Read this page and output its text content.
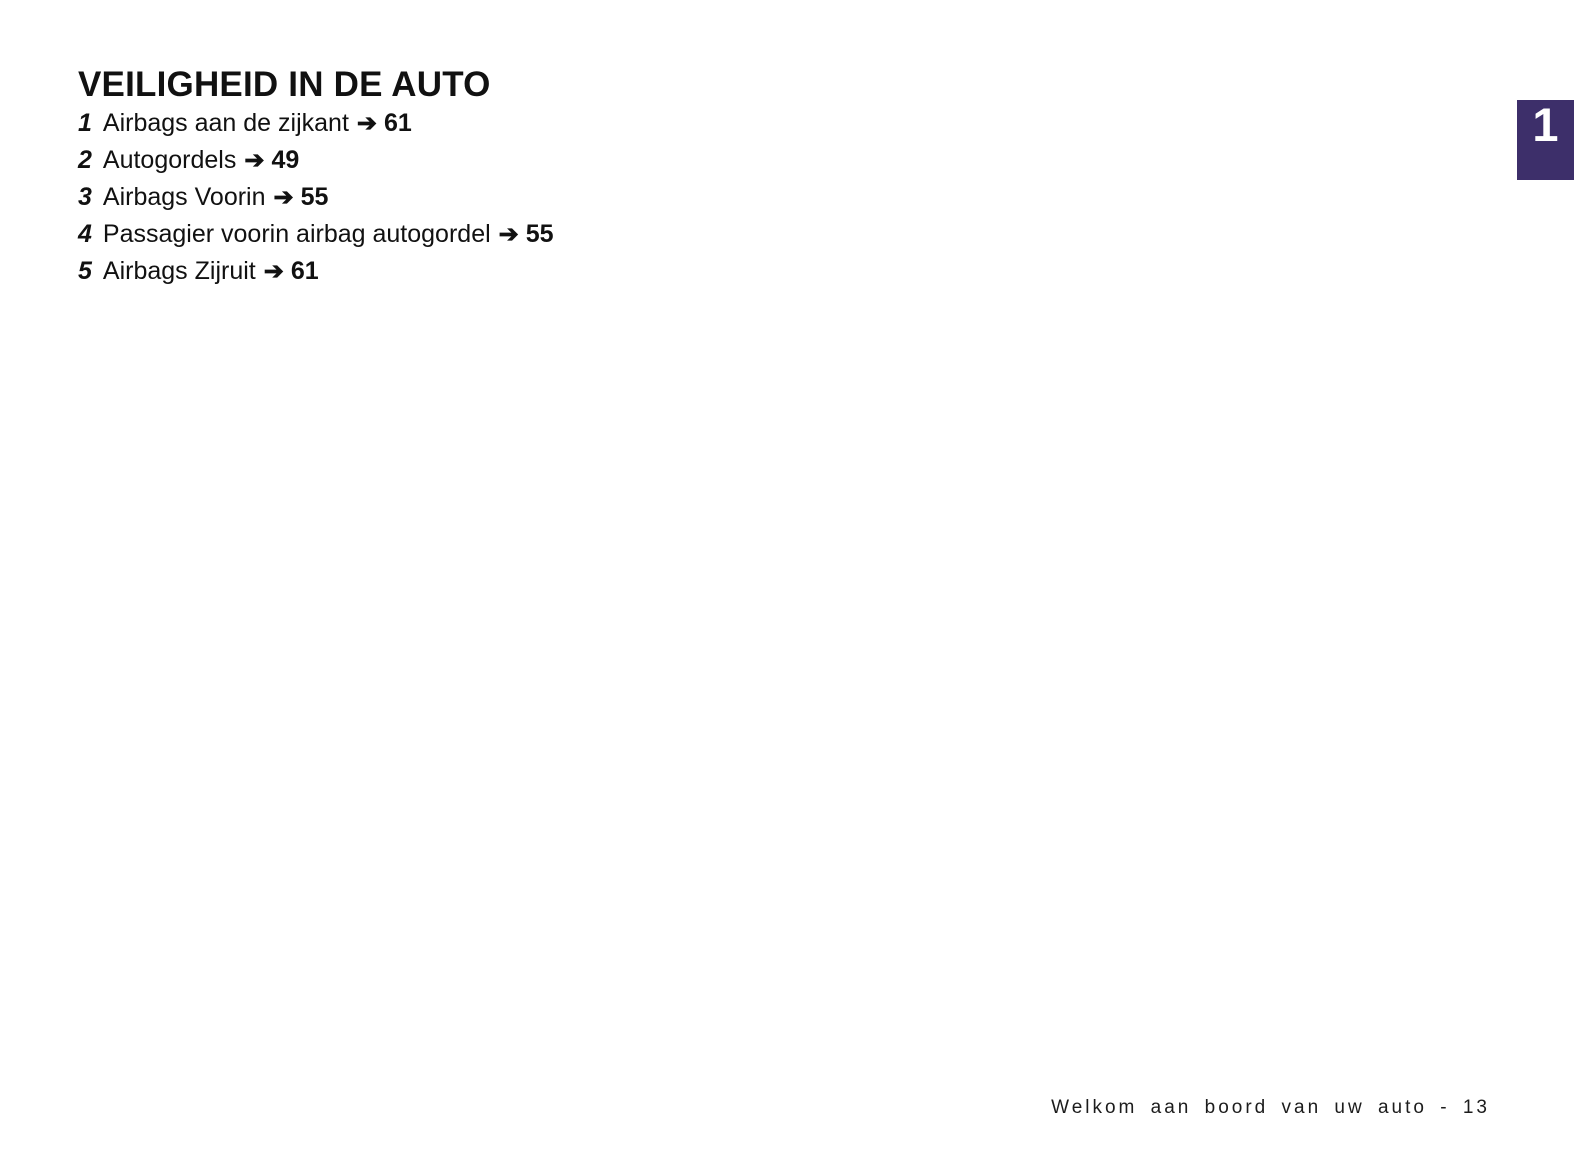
VEILIGHEID IN DE AUTO
1 Airbags aan de zijkant ➔ 61
2 Autogordels ➔ 49
3 Airbags Voorin ➔ 55
4 Passagier voorin airbag autogordel ➔ 55
5 Airbags Zijruit ➔ 61
1
Welkom aan boord van uw auto - 13
